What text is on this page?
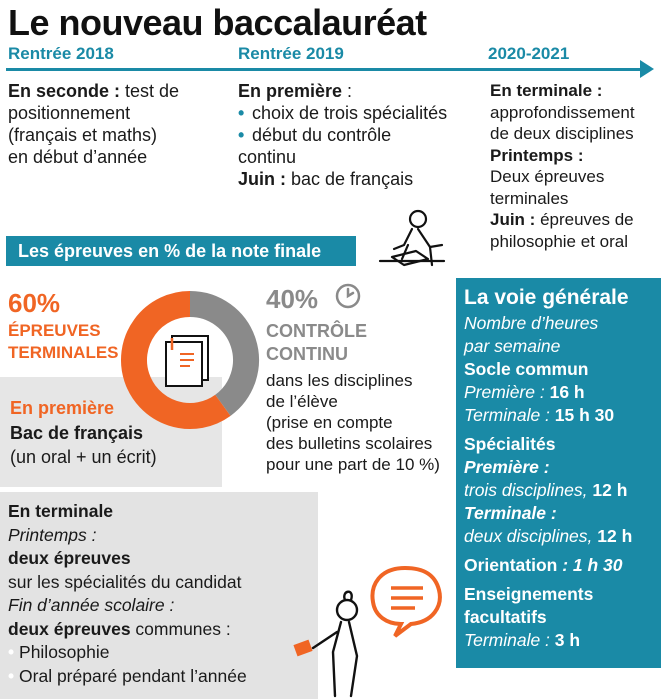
Le nouveau baccalauréat
Rentrée 2018	Rentrée 2019	2020-2021
En seconde : test de
positionnement
(français et maths)
en début d’année
En première :
• choix de trois spécialités
• début du contrôle
continu
Juin : bac de français
En terminale :
approfondissement
de deux disciplines
Printemps :
Deux épreuves
terminales
Juin : épreuves de
philosophie et oral
Les épreuves en % de la note finale
60%
ÉPREUVES
TERMINALES
40%
CONTRÔLE
CONTINU
dans les disciplines
de l’élève
(prise en compte
des bulletins scolaires
pour une part de 10 %)
En première
Bac de français
(un oral + un écrit)
En terminale
Printemps :
deux épreuves
sur les spécialités du candidat
Fin d’année scolaire :
deux épreuves communes :
• Philosophie
• Oral préparé pendant l’année
La voie générale
Nombre d’heures
par semaine
Socle commun
Première : 16 h
Terminale : 15 h 30
Spécialités
Première :
trois disciplines, 12 h
Terminale :
deux disciplines, 12 h
Orientation : 1 h 30
Enseignements
facultatifs
Terminale : 3 h
